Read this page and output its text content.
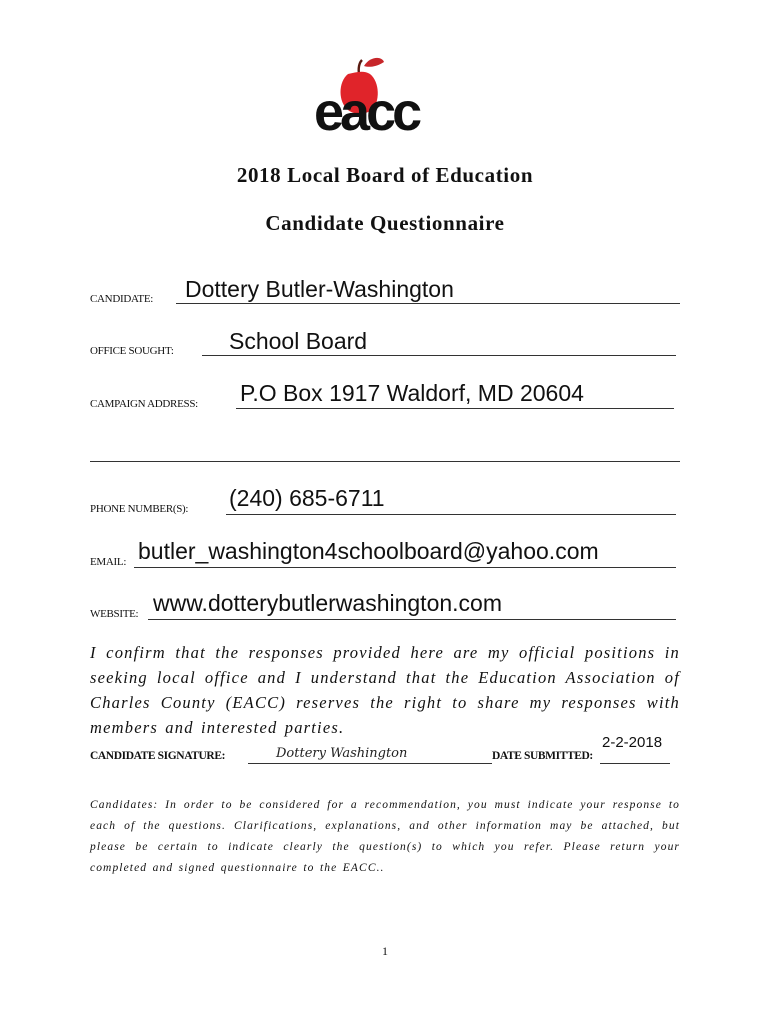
eacc
2018 Local Board of Education
Candidate Questionnaire
CANDIDATE: Dottery Butler-Washington
OFFICE SOUGHT: School Board
CAMPAIGN ADDRESS: P.O Box 1917 Waldorf, MD 20604
PHONE NUMBER(S): (240) 685-6711
EMAIL: butler_washington4schoolboard@yahoo.com
WEBSITE: www.dotterybutlerwashington.com
I confirm that the responses provided here are my official positions in seeking local office and I understand that the Education Association of Charles County (EACC) reserves the right to share my responses with members and interested parties.
CANDIDATE SIGNATURE:	Dottery Washington	DATE SUBMITTED:
2-2-2018
Candidates: In order to be considered for a recommendation, you must indicate your response to each of the questions. Clarifications, explanations, and other information may be attached, but please be certain to indicate clearly the question(s) to which you refer. Please return your completed and signed questionnaire to the EACC..
1
